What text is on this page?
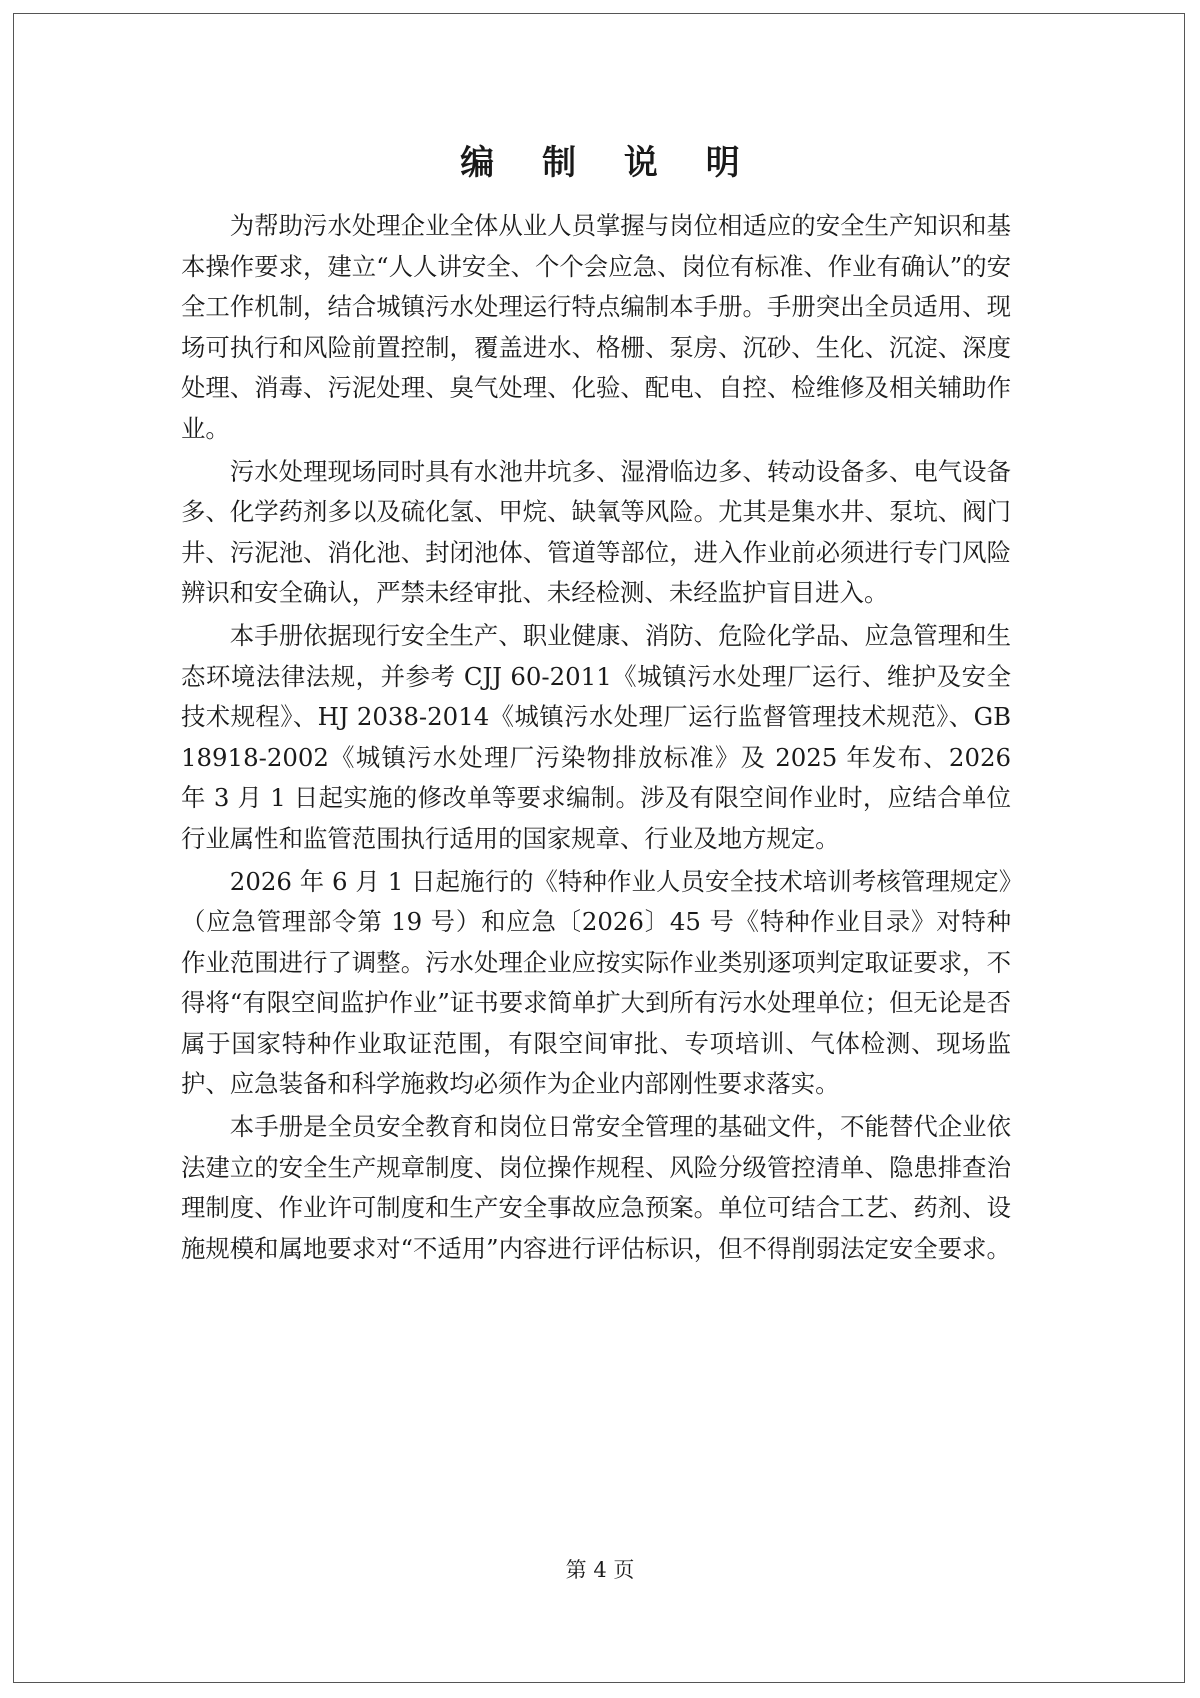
编 制 说 明

为帮助污水处理企业全体从业人员掌握与岗位相适应的安全生产知识和基本操作要求，建立“人人讲安全、个个会应急、岗位有标准、作业有确认”的安全工作机制，结合城镇污水处理运行特点编制本手册。手册突出全员适用、现场可执行和风险前置控制，覆盖进水、格栅、泵房、沉砂、生化、沉淀、深度处理、消毒、污泥处理、臭气处理、化验、配电、自控、检维修及相关辅助作业。

污水处理现场同时具有水池井坑多、湿滑临边多、转动设备多、电气设备多、化学药剂多以及硫化氢、甲烷、缺氧等风险。尤其是集水井、泵坑、阀门井、污泥池、消化池、封闭池体、管道等部位，进入作业前必须进行专门风险辨识和安全确认，严禁未经审批、未经检测、未经监护盲目进入。

本手册依据现行安全生产、职业健康、消防、危险化学品、应急管理和生态环境法律法规，并参考 CJJ 60-2011《城镇污水处理厂运行、维护及安全技术规程》、HJ 2038-2014《城镇污水处理厂运行监督管理技术规范》、GB 18918-2002《城镇污水处理厂污染物排放标准》及 2025 年发布、2026 年 3 月 1 日起实施的修改单等要求编制。涉及有限空间作业时，应结合单位行业属性和监管范围执行适用的国家规章、行业及地方规定。

2026 年 6 月 1 日起施行的《特种作业人员安全技术培训考核管理规定》（应急管理部令第 19 号）和应急〔2026〕45 号《特种作业目录》对特种作业范围进行了调整。污水处理企业应按实际作业类别逐项判定取证要求，不得将“有限空间监护作业”证书要求简单扩大到所有污水处理单位；但无论是否属于国家特种作业取证范围，有限空间审批、专项培训、气体检测、现场监护、应急装备和科学施救均必须作为企业内部刚性要求落实。

本手册是全员安全教育和岗位日常安全管理的基础文件，不能替代企业依法建立的安全生产规章制度、岗位操作规程、风险分级管控清单、隐患排查治理制度、作业许可制度和生产安全事故应急预案。单位可结合工艺、药剂、设施规模和属地要求对“不适用”内容进行评估标识，但不得削弱法定安全要求。

第 4 页
